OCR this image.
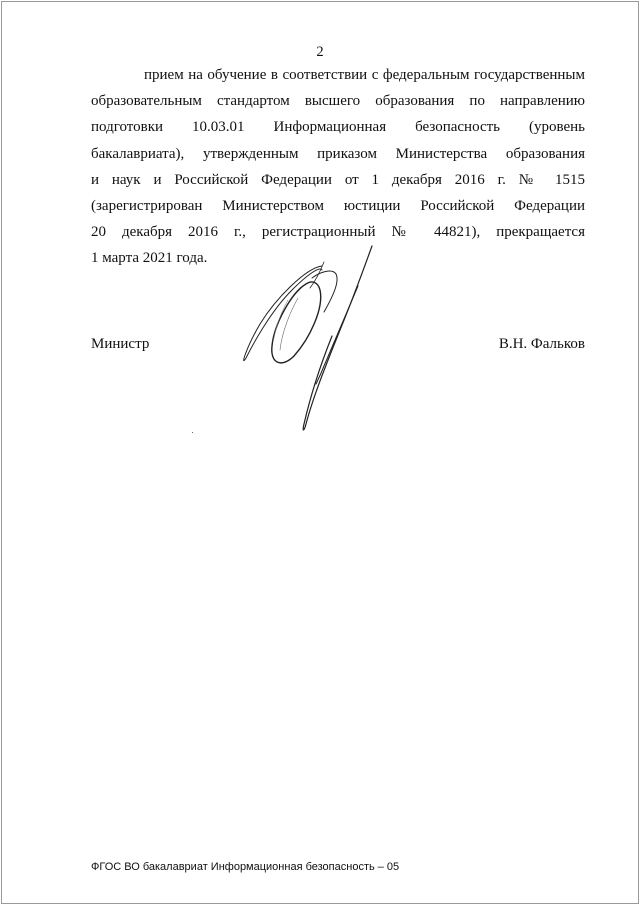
2
прием на обучение в соответствии с федеральным государственным
образовательным стандартом высшего образования по направлению
подготовки 10.03.01 Информационная безопасность (уровень
бакалавриата), утвержденным приказом Министерства образования
и наук и Российской Федерации от 1 декабря 2016 г. № 1515
(зарегистрирован Министерством юстиции Российской Федерации
20 декабря 2016 г., регистрационный № 44821), прекращается
1 марта 2021 года.
Министр	В.Н. Фальков
ФГОС ВО бакалавриат Информационная безопасность – 05
